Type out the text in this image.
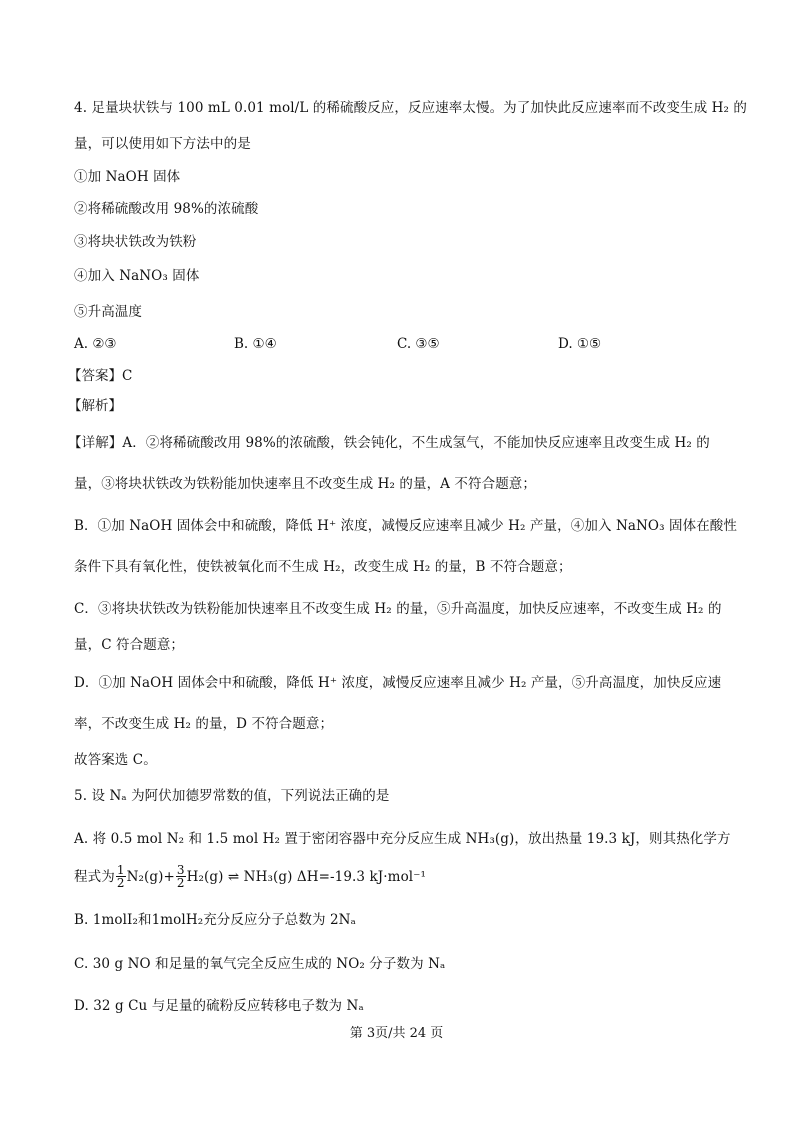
4. 足量块状铁与 100 mL 0.01 mol/L 的稀硫酸反应，反应速率太慢。为了加快此反应速率而不改变生成 H₂ 的
量，可以使用如下方法中的是
①加 NaOH 固体
②将稀硫酸改用 98%的浓硫酸
③将块状铁改为铁粉
④加入 NaNO₃ 固体
⑤升高温度
A. ②③	B. ①④	C. ③⑤	D. ①⑤
【答案】C
【解析】
【详解】A．②将稀硫酸改用 98%的浓硫酸，铁会钝化，不生成氢气，不能加快反应速率且改变生成 H₂ 的
量，③将块状铁改为铁粉能加快速率且不改变生成 H₂ 的量，A 不符合题意；
B．①加 NaOH 固体会中和硫酸，降低 H⁺ 浓度，减慢反应速率且减少 H₂ 产量，④加入 NaNO₃ 固体在酸性
条件下具有氧化性，使铁被氧化而不生成 H₂，改变生成 H₂ 的量，B 不符合题意；
C．③将块状铁改为铁粉能加快速率且不改变生成 H₂ 的量，⑤升高温度，加快反应速率，不改变生成 H₂ 的
量，C 符合题意；
D．①加 NaOH 固体会中和硫酸，降低 H⁺ 浓度，减慢反应速率且减少 H₂ 产量，⑤升高温度，加快反应速
率，不改变生成 H₂ 的量，D 不符合题意；
故答案选 C。
5. 设 Nₐ 为阿伏加德罗常数的值，下列说法正确的是
A. 将 0.5 mol N₂ 和 1.5 mol H₂ 置于密闭容器中充分反应生成 NH₃(g)，放出热量 19.3 kJ，则其热化学方
程式为 $\frac{1}{2} N_2(g)+ \frac{3}{2} H_2(g)$ ⇌ NH₃(g) ΔH=-19.3 kJ·mol⁻¹
B. 1molI₂和1molH₂充分反应分子总数为 2Nₐ
C. 30 g NO 和足量的氧气完全反应生成的 NO₂ 分子数为 Nₐ
D. 32 g Cu 与足量的硫粉反应转移电子数为 Nₐ
第 3页/共 24 页
